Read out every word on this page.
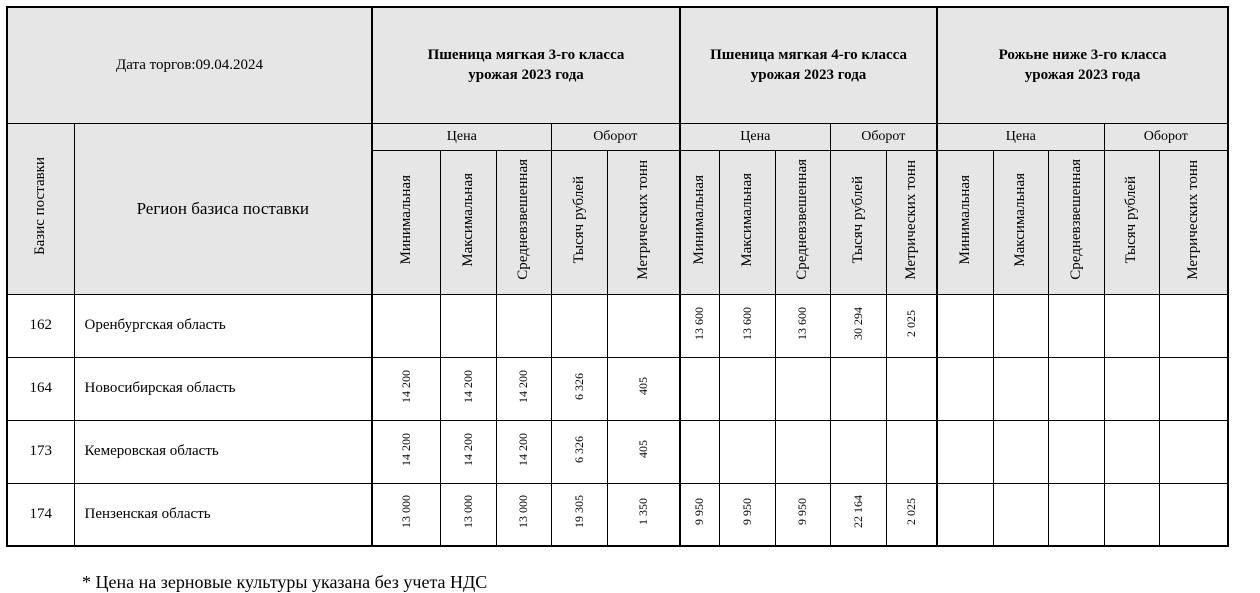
Дата торгов:09.04.2024		Пшеница мягкая 3-го класса
урожая 2023 года					Пшеница мягкая 4-го класса
урожая 2023 года					Рожьне ниже 3-го класса
урожая 2023 года				
Базис поставки	Регион базиса поставки	Цена			Оборот		Цена			Оборот		Цена			Оборот	
		Минимальная	Максимальная	Средневзвешенная	Тысяч рублей	Метрических тонн	Минимальная	Максимальная	Средневзвешенная	Тысяч рублей	Метрических тонн	Минимальная	Максимальная	Средневзвешенная	Тысяч рублей	Метрических тонн
162	Оренбургская область						13 600	13 600	13 600	30 294	2 025					
164	Новосибирская область	14 200	14 200	14 200	6 326	405										
173	Кемеровская область	14 200	14 200	14 200	6 326	405										
174	Пензенская область	13 000	13 000	13 000	19 305	1 350	9 950	9 950	9 950	22 164	2 025					
* Цена на зерновые культуры указана без учета НДС
